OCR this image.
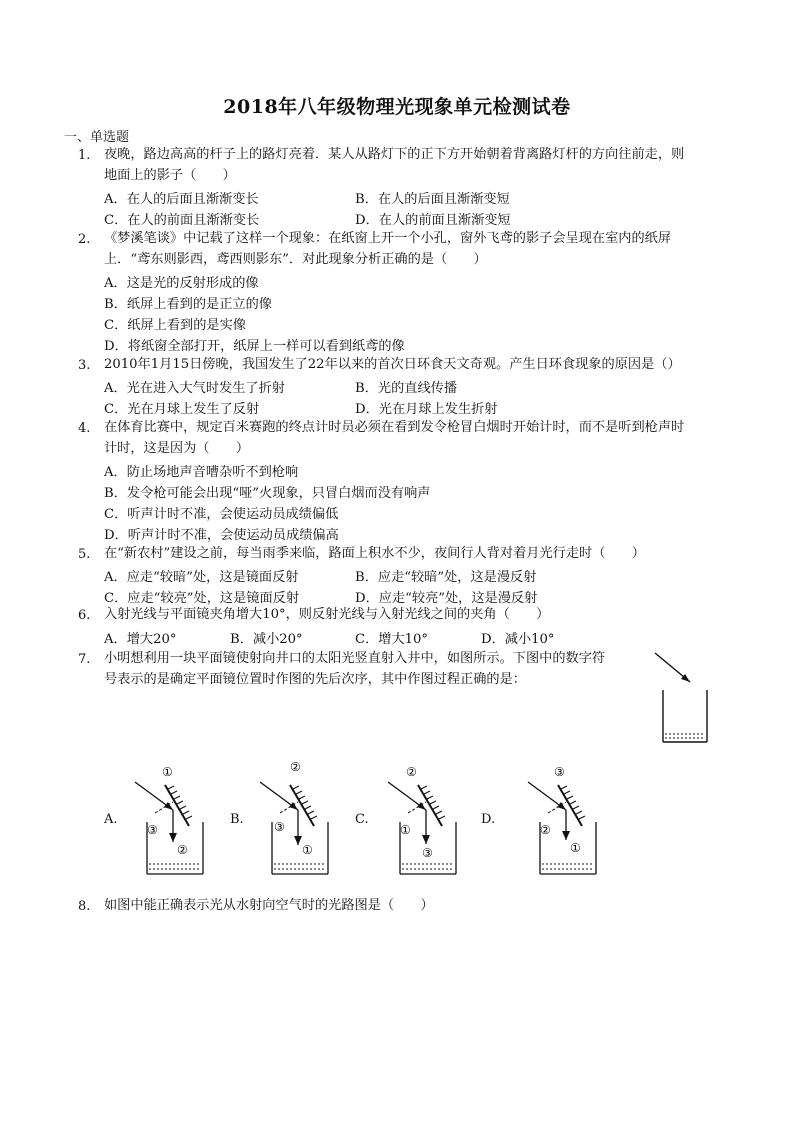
2018年八年级物理光现象单元检测试卷
一、单选题
1. 夜晚，路边高高的杆子上的路灯亮着．某人从路灯下的正下方开始朝着背离路灯杆的方向往前走，则
地面上的影子（　　）
A．在人的后面且渐渐变长	B．在人的后面且渐渐变短
C．在人的前面且渐渐变长	D．在人的前面且渐渐变短
2. 《梦溪笔谈》中记载了这样一个现象：在纸窗上开一个小孔，窗外飞鸢的影子会呈现在室内的纸屏
上．“鸢东则影西，鸢西则影东”．对此现象分析正确的是（　　）
A．这是光的反射形成的像
B．纸屏上看到的是正立的像
C．纸屏上看到的是实像
D．将纸窗全部打开，纸屏上一样可以看到纸鸢的像
3. 2010年1月15日傍晚，我国发生了22年以来的首次日环食天文奇观。产生日环食现象的原因是（）
A．光在进入大气时发生了折射	B．光的直线传播
C．光在月球上发生了反射	D．光在月球上发生折射
4. 在体育比赛中，规定百米赛跑的终点计时员必须在看到发令枪冒白烟时开始计时，而不是听到枪声时
计时，这是因为（　　）
A．防止场地声音嘈杂听不到枪响
B．发令枪可能会出现“哑”火现象，只冒白烟而没有响声
C．听声计时不准，会使运动员成绩偏低
D．听声计时不准，会使运动员成绩偏高
5. 在“新农村”建设之前，每当雨季来临，路面上积水不少，夜间行人背对着月光行走时（　　）
A．应走“较暗”处，这是镜面反射	B．应走“较暗”处，这是漫反射
C．应走“较亮”处，这是镜面反射	D．应走“较亮”处，这是漫反射
6. 入射光线与平面镜夹角增大10°，则反射光线与入射光线之间的夹角（　　）
A．增大20°	B．减小20°	C．增大10°	D．减小10°
7. 小明想利用一块平面镜使射向井口的太阳光竖直射入井中，如图所示。下图中的数字符
号表示的是确定平面镜位置时作图的先后次序，其中作图过程正确的是：
A.
①
③
②
B.
②
③
①
C.
②
①
③
D.
③
②
①
8. 如图中能正确表示光从水射向空气时的光路图是（　　）
